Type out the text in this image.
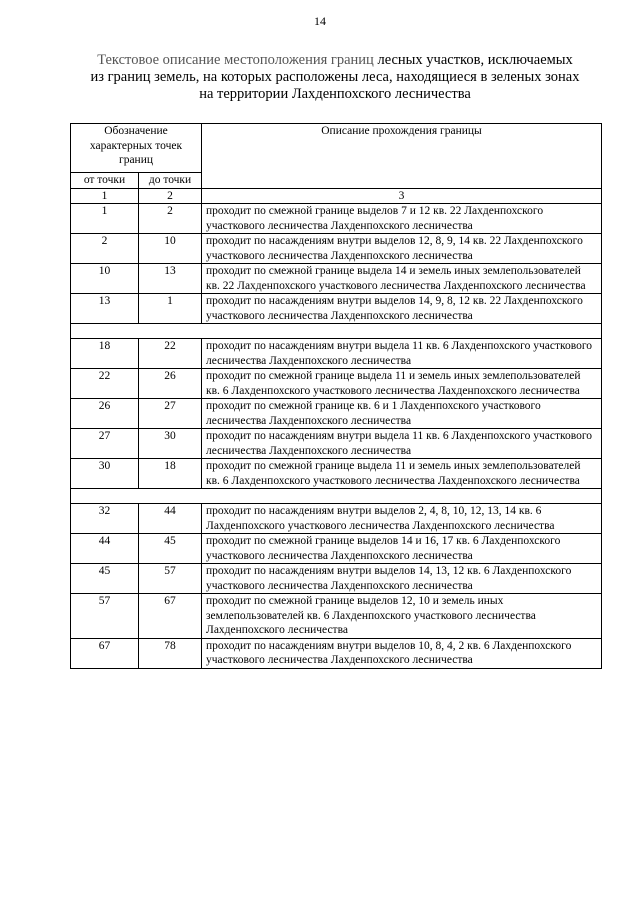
14
Текстовое описание местоположения границ лесных участков, исключаемых
из границ земель, на которых расположены леса, находящиеся в зеленых зонах
на территории Лахденпохского лесничества
Обозначение характерных точек границ		Описание прохождения границы
от точки	до точки	
1	2	3
1	2	проходит по смежной границе выделов 7 и 12 кв. 22 Лахденпохского участкового лесничества Лахденпохского лесничества
2	10	проходит по насаждениям внутри выделов 12, 8, 9, 14 кв. 22 Лахденпохского участкового лесничества Лахденпохского лесничества
10	13	проходит по смежной границе выдела 14 и земель иных землепользователей кв. 22 Лахденпохского участкового лесничества Лахденпохского лесничества
13	1	проходит по насаждениям внутри выделов 14, 9, 8, 12 кв. 22 Лахденпохского участкового лесничества Лахденпохского лесничества

18	22	проходит по насаждениям внутри выдела 11 кв. 6 Лахденпохского участкового лесничества Лахденпохского лесничества
22	26	проходит по смежной границе выдела 11 и земель иных землепользователей кв. 6 Лахденпохского участкового лесничества Лахденпохского лесничества
26	27	проходит по смежной границе кв. 6 и 1 Лахденпохского участкового лесничества Лахденпохского лесничества
27	30	проходит по насаждениям внутри выдела 11 кв. 6 Лахденпохского участкового лесничества Лахденпохского лесничества
30	18	проходит по смежной границе выдела 11 и земель иных землепользователей кв. 6 Лахденпохского участкового лесничества Лахденпохского лесничества

32	44	проходит по насаждениям внутри выделов 2, 4, 8, 10, 12, 13, 14 кв. 6 Лахденпохского участкового лесничества Лахденпохского лесничества
44	45	проходит по смежной границе выделов 14 и 16, 17 кв. 6 Лахденпохского участкового лесничества Лахденпохского лесничества
45	57	проходит по насаждениям внутри выделов 14, 13, 12 кв. 6 Лахденпохского участкового лесничества Лахденпохского лесничества
57	67	проходит по смежной границе выделов 12, 10 и земель иных землепользователей кв. 6 Лахденпохского участкового лесничества Лахденпохского лесничества
67	78	проходит по насаждениям внутри выделов 10, 8, 4, 2 кв. 6 Лахденпохского участкового лесничества Лахденпохского лесничества
